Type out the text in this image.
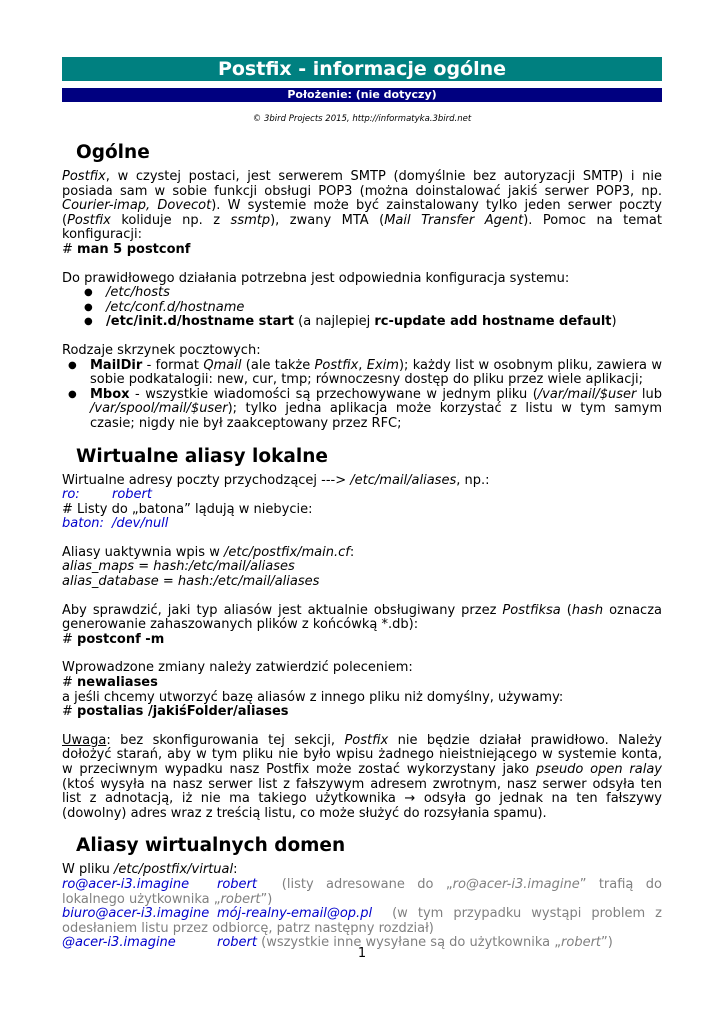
Postfix - informacje ogólne
Położenie: (nie dotyczy)
© 3bird Projects 2015, http://informatyka.3bird.net
Ogólne

Postfix, w czystej postaci, jest serwerem SMTP (domyślnie bez autoryzacji SMTP) i nie posiada sam w sobie funkcji obsługi POP3 (można doinstalować jakiś serwer POP3, np. Courier-imap, Dovecot). W systemie może być zainstalowany tylko jeden serwer poczty (Postfix koliduje np. z ssmtp), zwany MTA (Mail Transfer Agent). Pomoc na temat konfiguracji:

# man 5 postconf

Do prawidłowego działania potrzebna jest odpowiednia konfiguracja systemu:

● /etc/hosts
● /etc/conf.d/hostname
● /etc/init.d/hostname start (a najlepiej rc-update add hostname default)

Rodzaje skrzynek pocztowych:

● MailDir - format Qmail (ale także Postfix, Exim); każdy list w osobnym pliku, zawiera w sobie podkatalogii: new, cur, tmp; równoczesny dostęp do pliku przez wiele aplikacji;
● Mbox - wszystkie wiadomości są przechowywane w jednym pliku (/var/mail/$user lub /var/spool/mail/$user); tylko jedna aplikacja może korzystać z listu w tym samym czasie; nigdy nie był zaakceptowany przez RFC;
Wirtualne aliasy lokalne

Wirtualne adresy poczty przychodzącej ---> /etc/mail/aliases, np.:

ro:	robert

# Listy do „batona” lądują w niebycie:

baton: /dev/null

Aliasy uaktywnia wpis w /etc/postfix/main.cf:

alias_maps = hash:/etc/mail/aliases

alias_database = hash:/etc/mail/aliases

Aby sprawdzić, jaki typ aliasów jest aktualnie obsługiwany przez Postfiksa (hash oznacza generowanie zahaszowanych plików z końcówką *.db):

# postconf -m

Wprowadzone zmiany należy zatwierdzić poleceniem:

# newaliases

a jeśli chcemy utworzyć bazę aliasów z innego pliku niż domyślny, używamy:

# postalias /jakiśFolder/aliases

Uwaga: bez skonfigurowania tej sekcji, Postfix nie będzie działał prawidłowo. Należy dołożyć starań, aby w tym pliku nie było wpisu żadnego nieistniejącego w systemie konta, w przeciwnym wypadku nasz Postfix może zostać wykorzystany jako pseudo open ralay (ktoś wysyła na nasz serwer list z fałszywym adresem zwrotnym, nasz serwer odsyła ten list z adnotacją, iż nie ma takiego użytkownika → odsyła go jednak na ten fałszywy (dowolny) adres wraz z treścią listu, co może służyć do rozsyłania spamu).

Aliasy wirtualnych domen

W pliku /etc/postfix/virtual:

ro@acer-i3.imagine robert  (listy adresowane do „ro@acer-i3.imagine” trafią do lokalnego użytkownika „robert”)

biuro@acer-i3.imagine mój-realny-email@op.pl  (w tym przypadku wystąpi problem z odesłaniem listu przez odbiorcę, patrz następny rozdział)

@acer-i3.imagine	robert (wszystkie inne wysyłane są do użytkownika „robert”)

1
